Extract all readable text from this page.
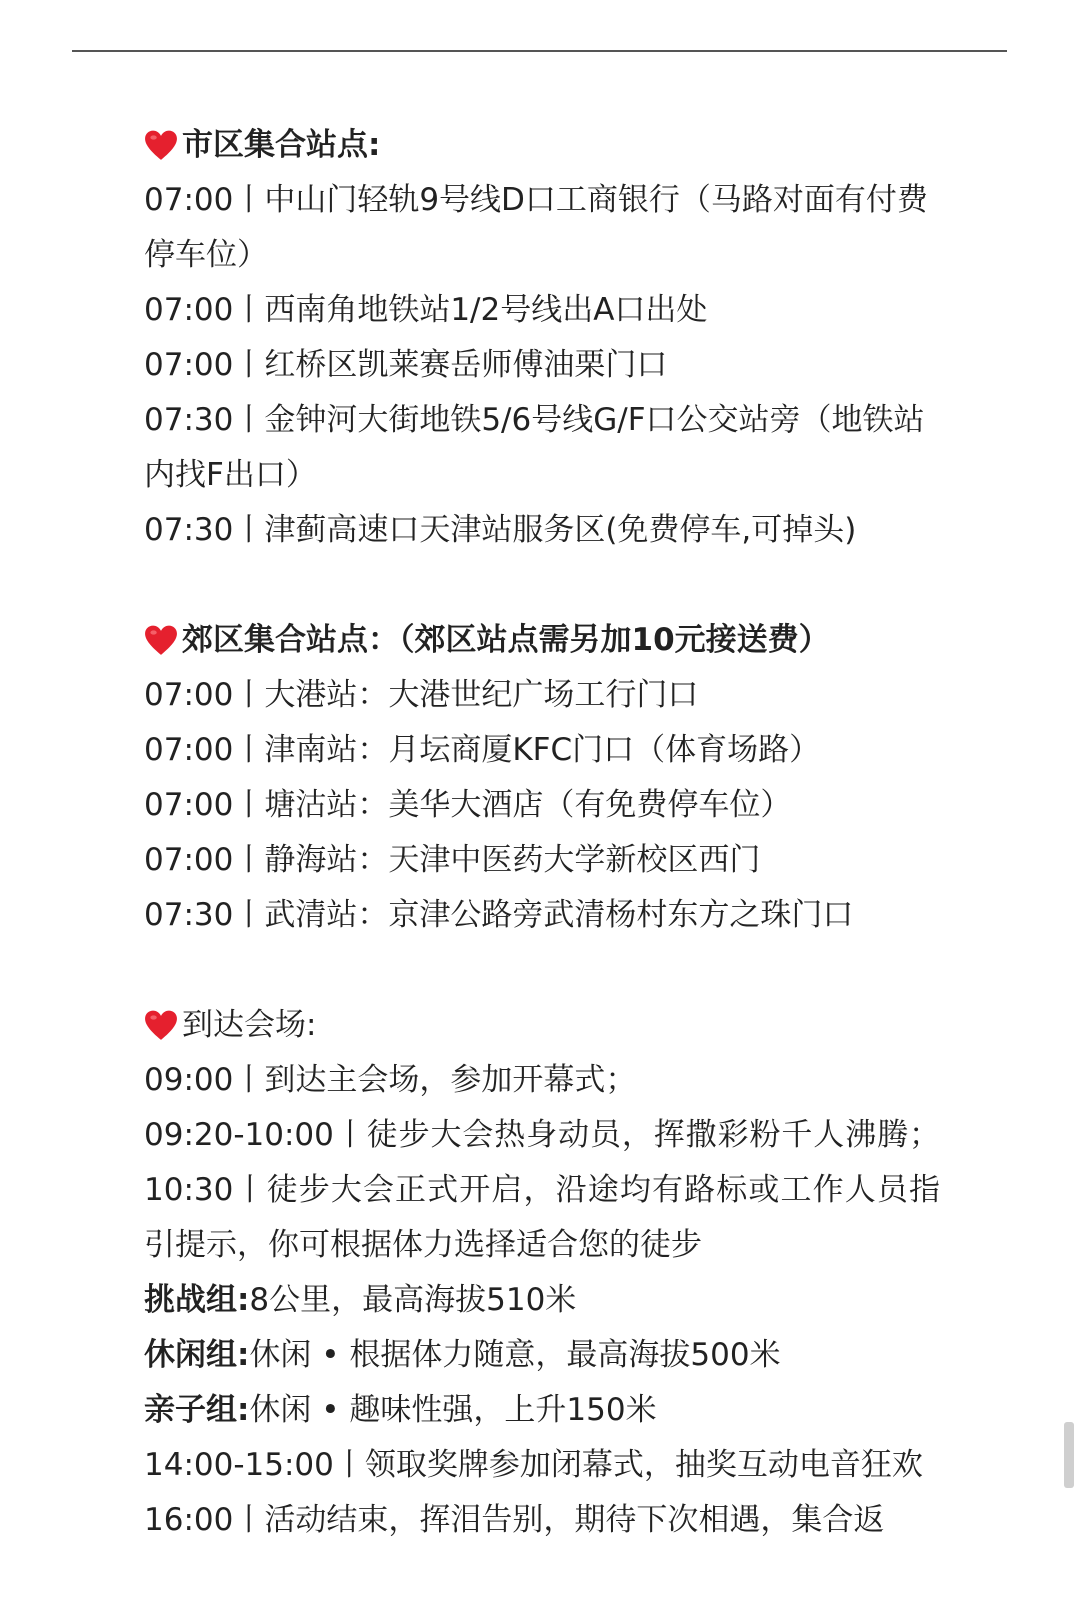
市区集合站点:

07:00丨中山门轻轨9号线D口工商银行（马路对面有付费停车位）

07:00丨西南角地铁站1/2号线出A口出处

07:00丨红桥区凯莱赛岳师傅油栗门口

07:30丨金钟河大街地铁5/6号线G/F口公交站旁（地铁站内找F出口）

07:30丨津蓟高速口天津站服务区(免费停车,可掉头)

郊区集合站点：（郊区站点需另加10元接送费）

07:00丨大港站：大港世纪广场工行门口

07:00丨津南站：月坛商厦KFC门口（体育场路）

07:00丨塘沽站：美华大酒店（有免费停车位）

07:00丨静海站：天津中医药大学新校区西门

07:30丨武清站：京津公路旁武清杨村东方之珠门口

到达会场:

09:00丨到达主会场，参加开幕式；

09:20-10:00丨徒步大会热身动员，挥撒彩粉千人沸腾；10:30丨徒步大会正式开启，沿途均有路标或工作人员指引提示，你可根据体力选择适合您的徒步

挑战组:8公里，最高海拔510米

休闲组:休闲 • 根据体力随意，最高海拔500米

亲子组:休闲 • 趣味性强，上升150米

14:00-15:00丨领取奖牌参加闭幕式，抽奖互动电音狂欢

16:00丨活动结束，挥泪告别，期待下次相遇，集合返
